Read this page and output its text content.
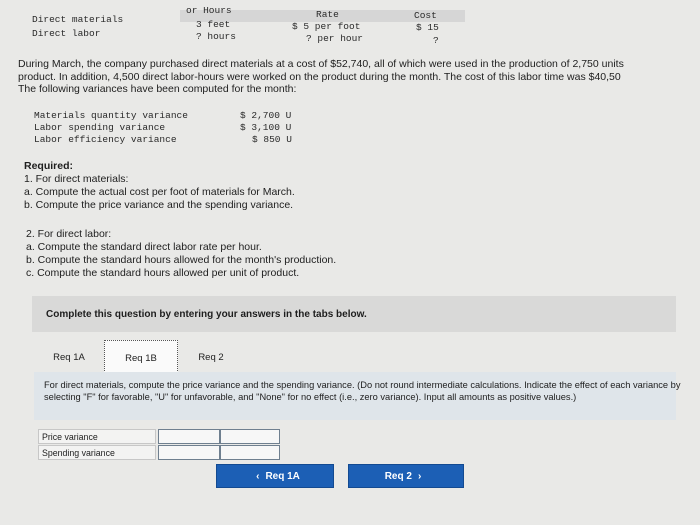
or Hours	Rate	Cost
Direct materials	3 feet	$ 5 per foot	$ 15
Direct labor	? hours	? per hour	?
During March, the company purchased direct materials at a cost of $52,740, all of which were used in the production of 2,750 units
product. In addition, 4,500 direct labor-hours were worked on the product during the month. The cost of this labor time was $40,50
The following variances have been computed for the month:
Materials quantity variance	$ 2,700 U
Labor spending variance	$ 3,100 U
Labor efficiency variance	$ 850 U
Required:
1. For direct materials:
a. Compute the actual cost per foot of materials for March.
b. Compute the price variance and the spending variance.
2. For direct labor:
a. Compute the standard direct labor rate per hour.
b. Compute the standard hours allowed for the month's production.
c. Compute the standard hours allowed per unit of product.
Complete this question by entering your answers in the tabs below.
Req 1A	Req 1B	Req 2
For direct materials, compute the price variance and the spending variance. (Do not round intermediate calculations. Indicate the effect of each variance by selecting "F" for favorable, "U" for unfavorable, and "None" for no effect (i.e., zero variance). Input all amounts as positive values.)
Price variance
Spending variance
‹ Req 1A	Req 2 ›
